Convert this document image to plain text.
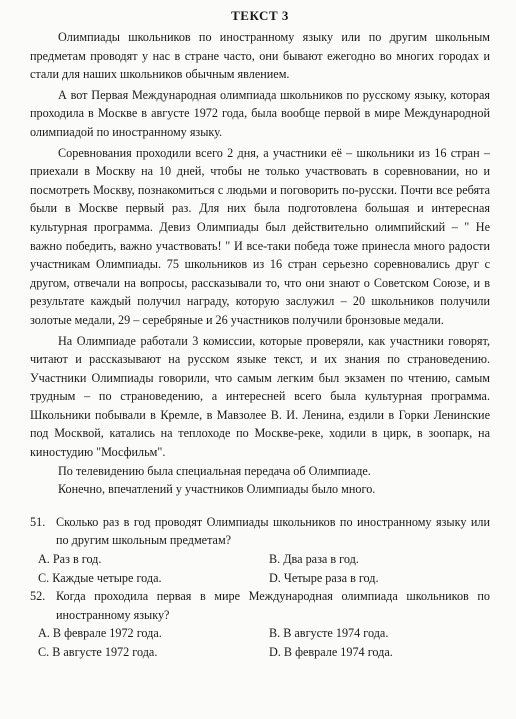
ТЕКСТ 3

Олимпиады школьников по иностранному языку или по другим школьным предметам проводят у нас в стране часто, они бывают ежегодно во многих городах и стали для наших школьников обычным явлением.

А вот Первая Международная олимпиада школьников по русскому языку, которая проходила в Москве в августе 1972 года, была вообще первой в мире Международной олимпиадой по иностранному языку.

Соревнования проходили всего 2 дня, а участники её – школьники из 16 стран – приехали в Москву на 10 дней, чтобы не только участвовать в соревновании, но и посмотреть Москву, познакомиться с людьми и поговорить по-русски. Почти все ребята были в Москве первый раз. Для них была подготовлена большая и интересная культурная программа. Девиз Олимпиады был действительно олимпийский – " Не важно победить, важно участвовать! " И все-таки победа тоже принесла много радости участникам Олимпиады. 75 школьников из 16 стран серьезно соревновались друг с другом, отвечали на вопросы, рассказывали то, что они знают о Советском Союзе, и в результате каждый получил награду, которую заслужил – 20 школьников получили золотые медали, 29 – серебряные и 26 участников получили бронзовые медали.

На Олимпиаде работали 3 комиссии, которые проверяли, как участники говорят, читают и рассказывают на русском языке текст, и их знания по страноведению. Участники Олимпиады говорили, что самым легким был экзамен по чтению, самым трудным – по страноведению, а интересней всего была культурная программа. Школьники побывали в Кремле, в Мавзолее В. И. Ленина, ездили в Горки Ленинские под Москвой, катались на теплоходе по Москве-реке, ходили в цирк, в зоопарк, на киностудию "Мосфильм".

По телевидению была специальная передача об Олимпиаде.

Конечно, впечатлений у участников Олимпиады было много.

51. Сколько раз в год проводят Олимпиады школьников по иностранному языку или по другим школьным предметам?
А. Раз в год.	В. Два раза в год.
С. Каждые четыре года.	D. Четыре раза в год.
52. Когда проходила первая в мире Международная олимпиада школьников по иностранному языку?
А. В феврале 1972 года.	В. В августе 1974 года.
С. В августе 1972 года.	D. В феврале 1974 года.
